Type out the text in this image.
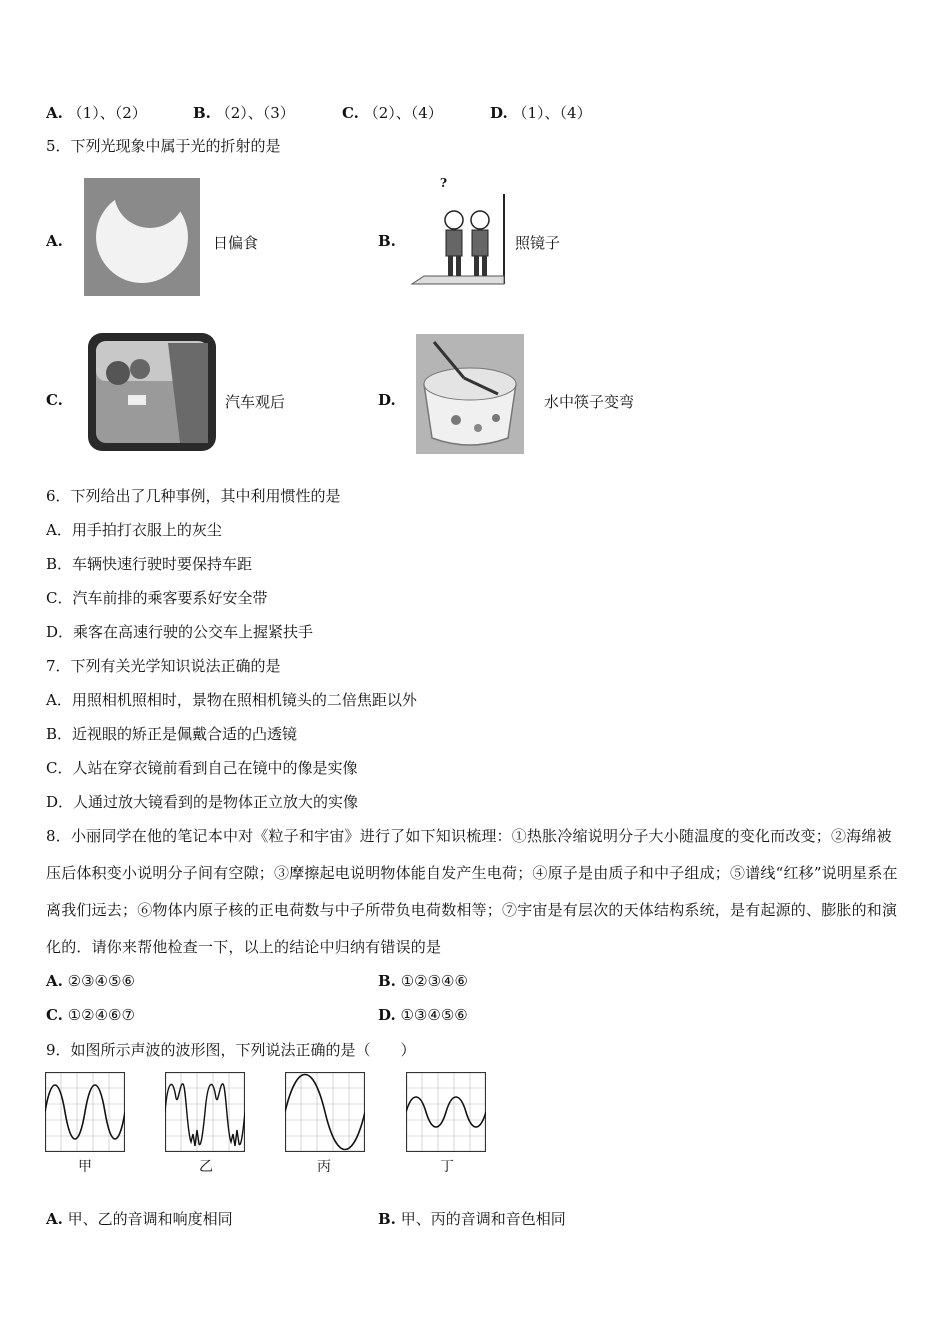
A. （1）、（2）	B. （2）、（3）	C. （2）、（4）	D. （1）、（4）
5．下列光现象中属于光的折射的是
A.	日偏食	B.
?
照镜子
C.	汽车观后	D.	水中筷子变弯
6．下列给出了几种事例，其中利用惯性的是
A．用手拍打衣服上的灰尘
B．车辆快速行驶时要保持车距
C．汽车前排的乘客要系好安全带
D．乘客在高速行驶的公交车上握紧扶手
7．下列有关光学知识说法正确的是
A．用照相机照相时，景物在照相机镜头的二倍焦距以外
B．近视眼的矫正是佩戴合适的凸透镜
C．人站在穿衣镜前看到自己在镜中的像是实像
D．人通过放大镜看到的是物体正立放大的实像
8．小丽同学在他的笔记本中对《粒子和宇宙》进行了如下知识梳理：①热胀冷缩说明分子大小随温度的变化而改变；②海绵被压后体积变小说明分子间有空隙；③摩擦起电说明物体能自发产生电荷；④原子是由质子和中子组成；⑤谱线“红移”说明星系在离我们远去；⑥物体内原子核的正电荷数与中子所带负电荷数相等；⑦宇宙是有层次的天体结构系统，是有起源的、膨胀的和演化的．请你来帮他检查一下，以上的结论中归纳有错误的是
A. ②③④⑤⑥	B. ①②③④⑥
C. ①②④⑥⑦	D. ①③④⑤⑥
9．如图所示声波的波形图，下列说法正确的是（　　）
甲	乙	丙	丁
A. 甲、乙的音调和响度相同	B. 甲、丙的音调和音色相同
